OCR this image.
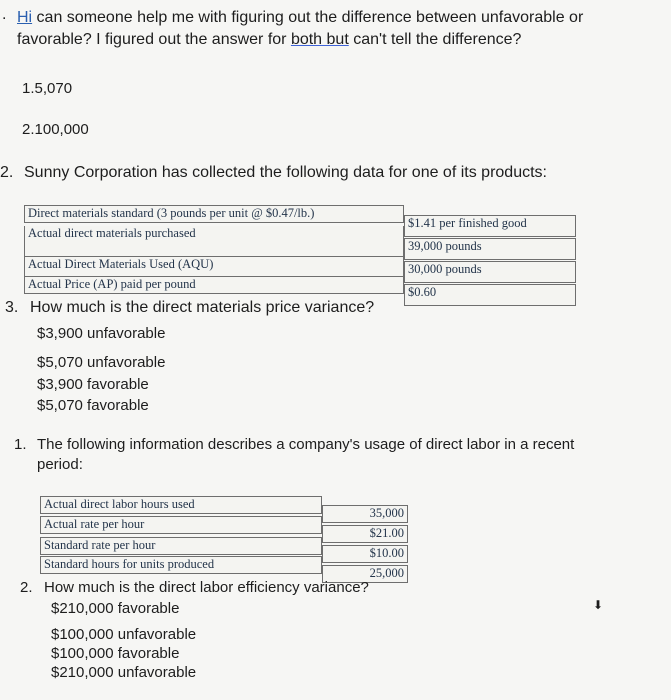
. Hi can someone help me with figuring out the difference between unfavorable or
favorable? I figured out the answer for both but can't tell the difference?
1.5,070
2.100,000
2. Sunny Corporation has collected the following data for one of its products:
Direct materials standard (3 pounds per unit @ $0.47/lb.)
Actual direct materials purchased
Actual Direct Materials Used (AQU)
Actual Price (AP) paid per pound
$1.41 per finished good
39,000 pounds
30,000 pounds
$0.60
3. How much is the direct materials price variance?
$3,900 unfavorable
$5,070 unfavorable
$3,900 favorable
$5,070 favorable
1. The following information describes a company's usage of direct labor in a recent
period:
Actual direct labor hours used
Actual rate per hour
Standard rate per hour
Standard hours for units produced
35,000
$21.00
$10.00
25,000
2. How much is the direct labor efficiency variance?
$210,000 favorable
$100,000 unfavorable
$100,000 favorable
$210,000 unfavorable
⬇
